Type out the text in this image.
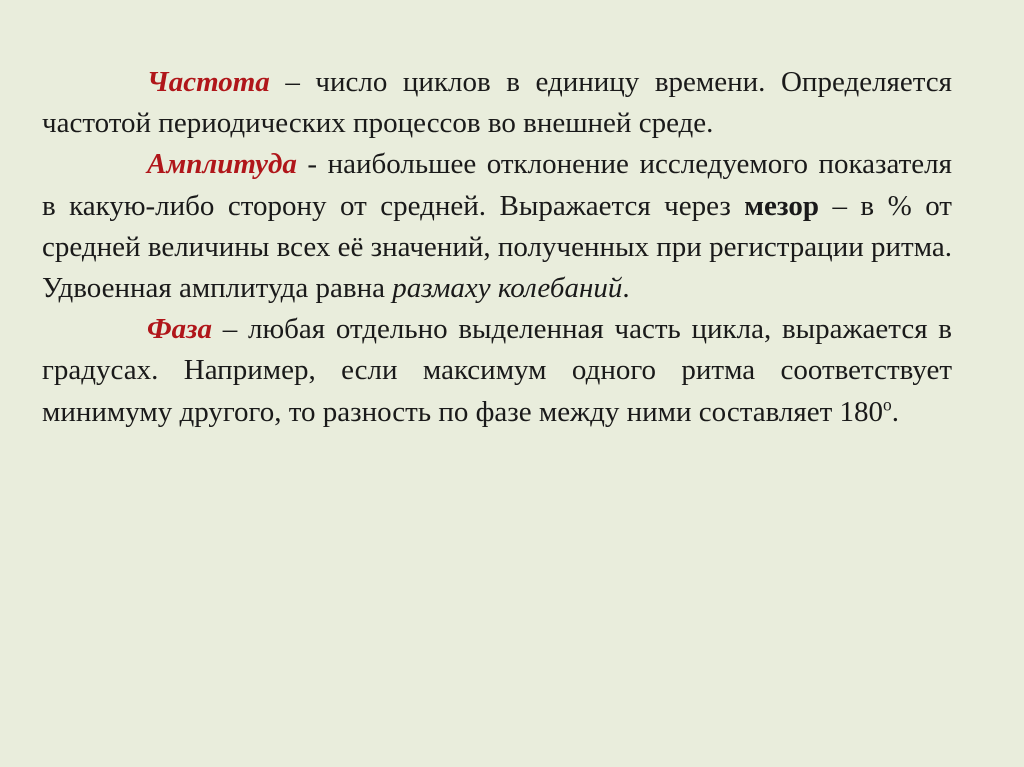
Частота – число циклов в единицу времени. Определяется частотой периодических процессов во внешней среде.

Амплитуда - наибольшее отклонение исследуемого показателя в какую-либо сторону от средней. Выражается через мезор – в % от средней величины всех её значений, полученных при регистрации ритма. Удвоенная амплитуда равна размаху колебаний.

Фаза – любая отдельно выделенная часть цикла, выражается в градусах. Например, если максимум одного ритма соответствует минимуму другого, то разность по фазе между ними составляет $180^о$.
